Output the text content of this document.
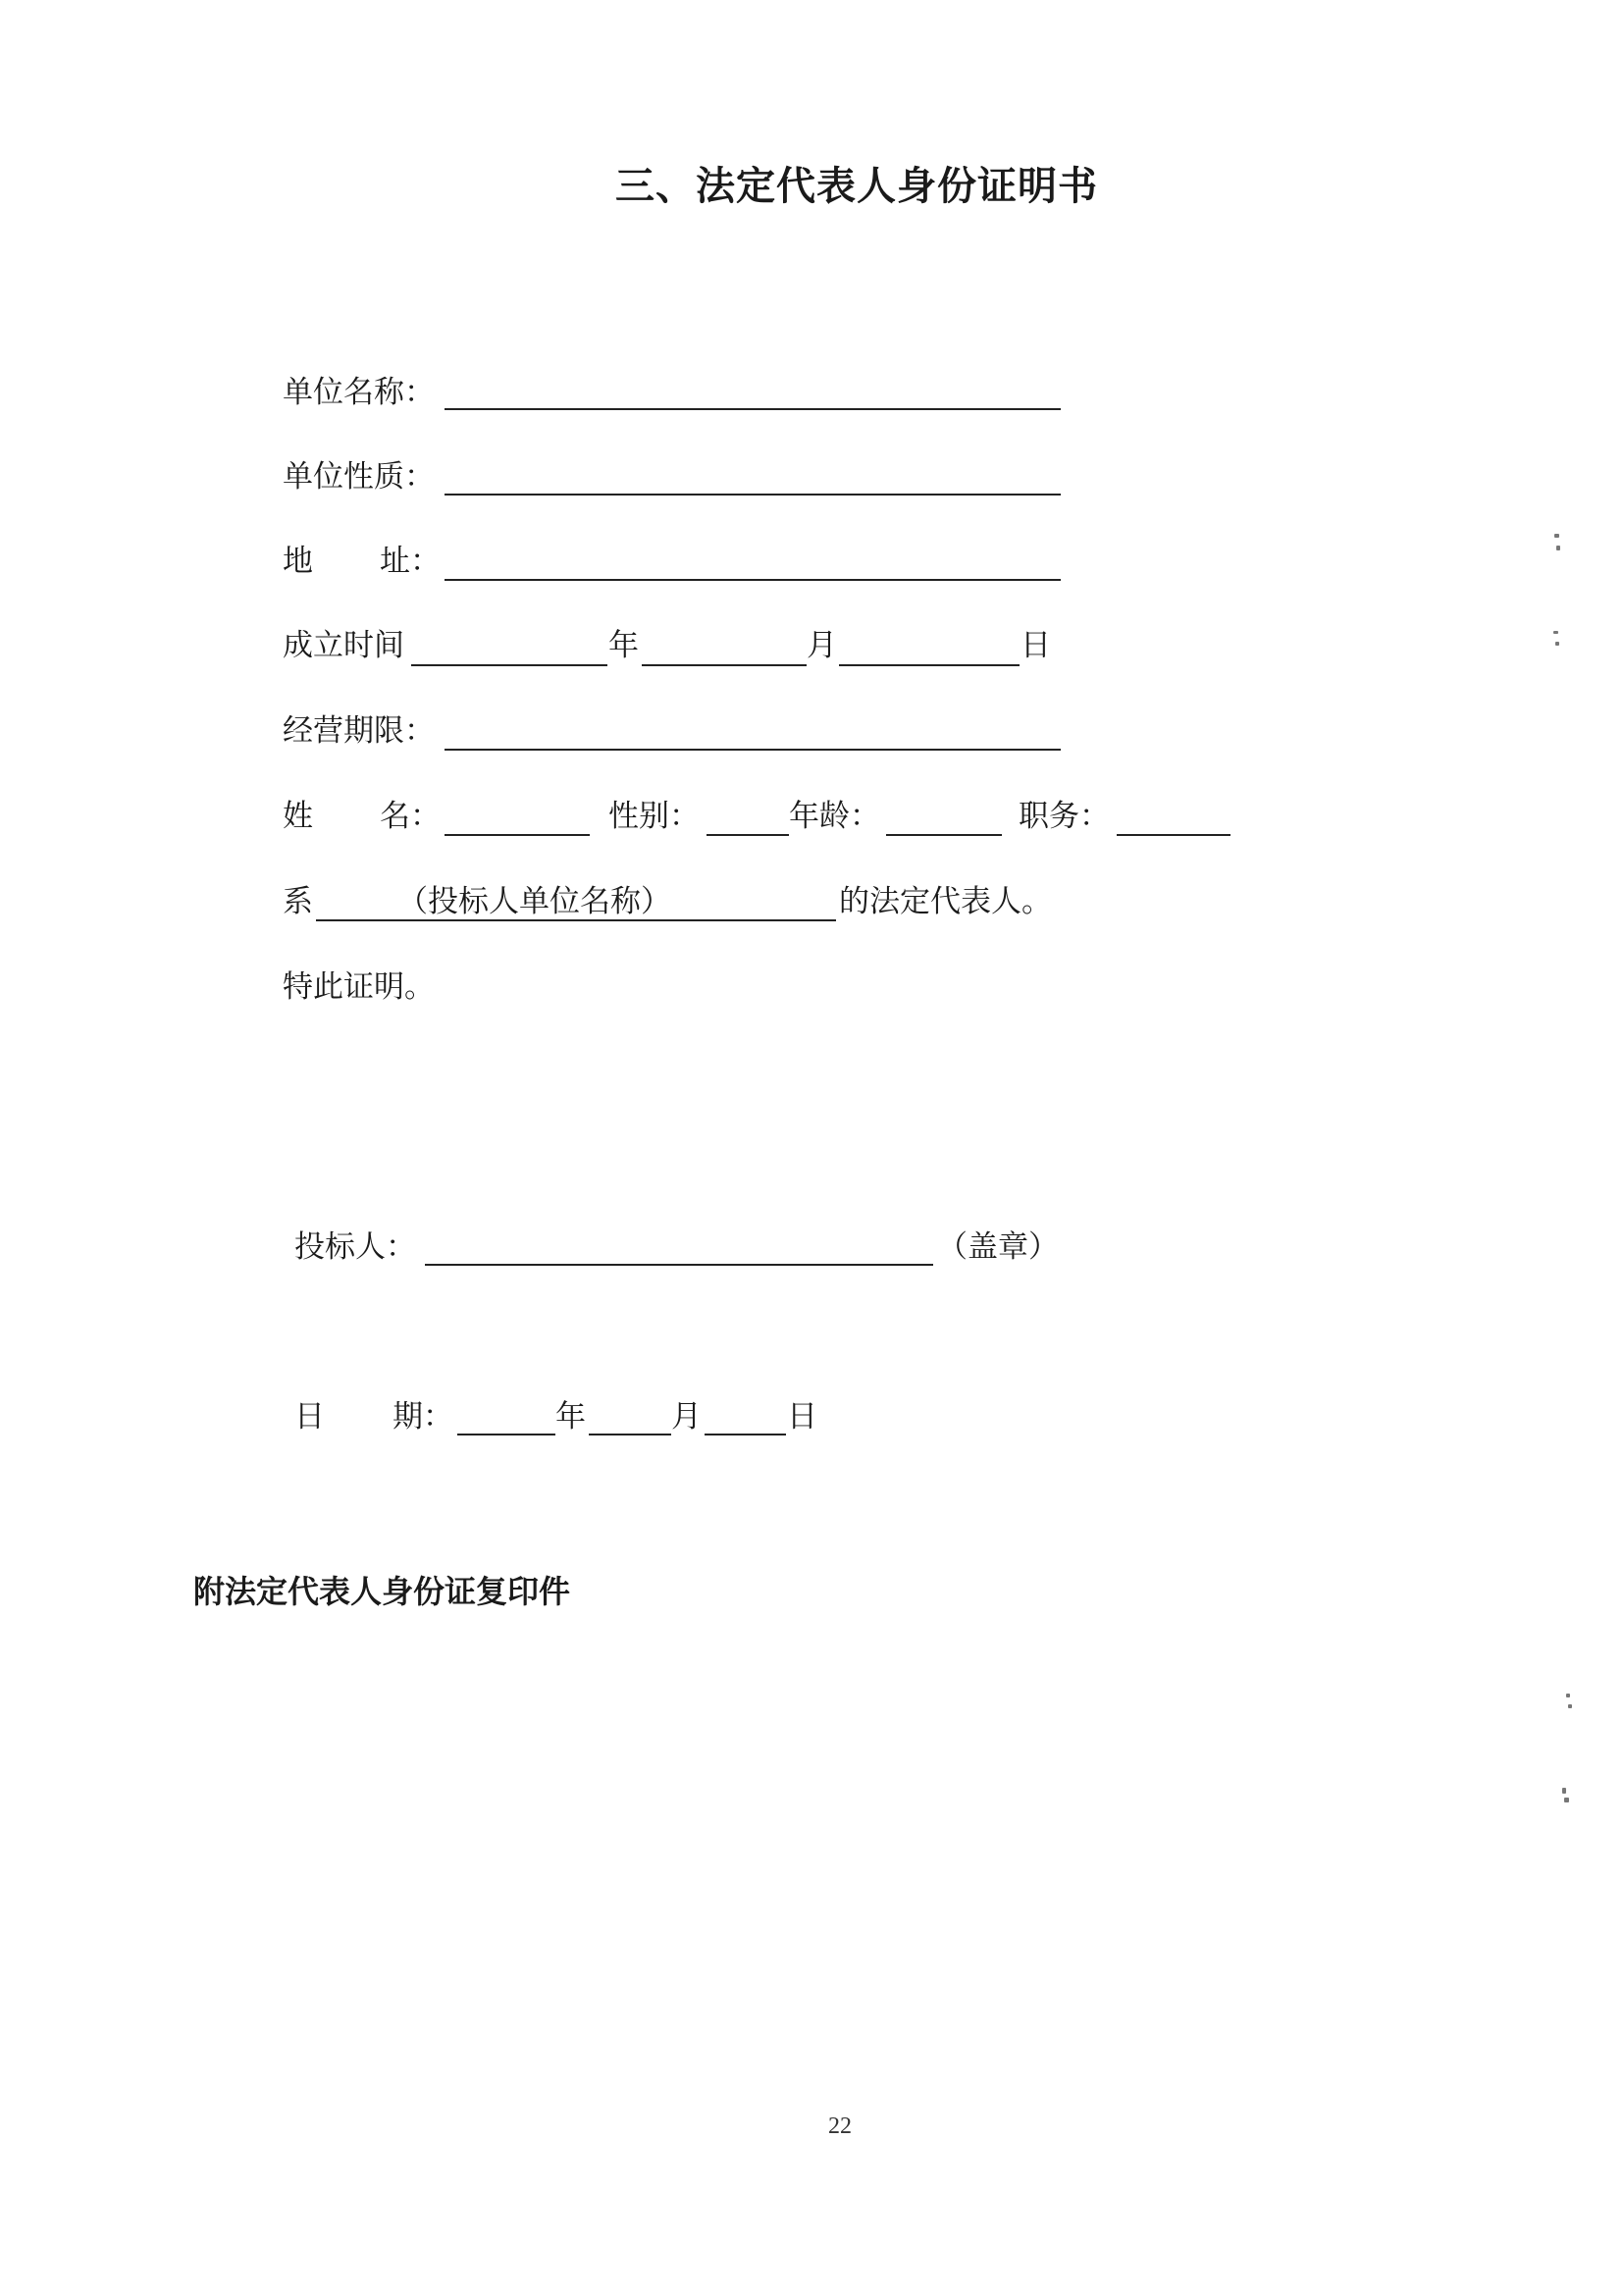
三、法定代表人身份证明书
单位名称：
单位性质：
地 址：
成立时间	年	月	日
经营期限：
姓 名：	性别：	年龄：	职务：
系	（投标人单位名称）	的法定代表人。
特此证明。
投标人：	（盖章）
日 期：	年	月	日
附法定代表人身份证复印件
22
